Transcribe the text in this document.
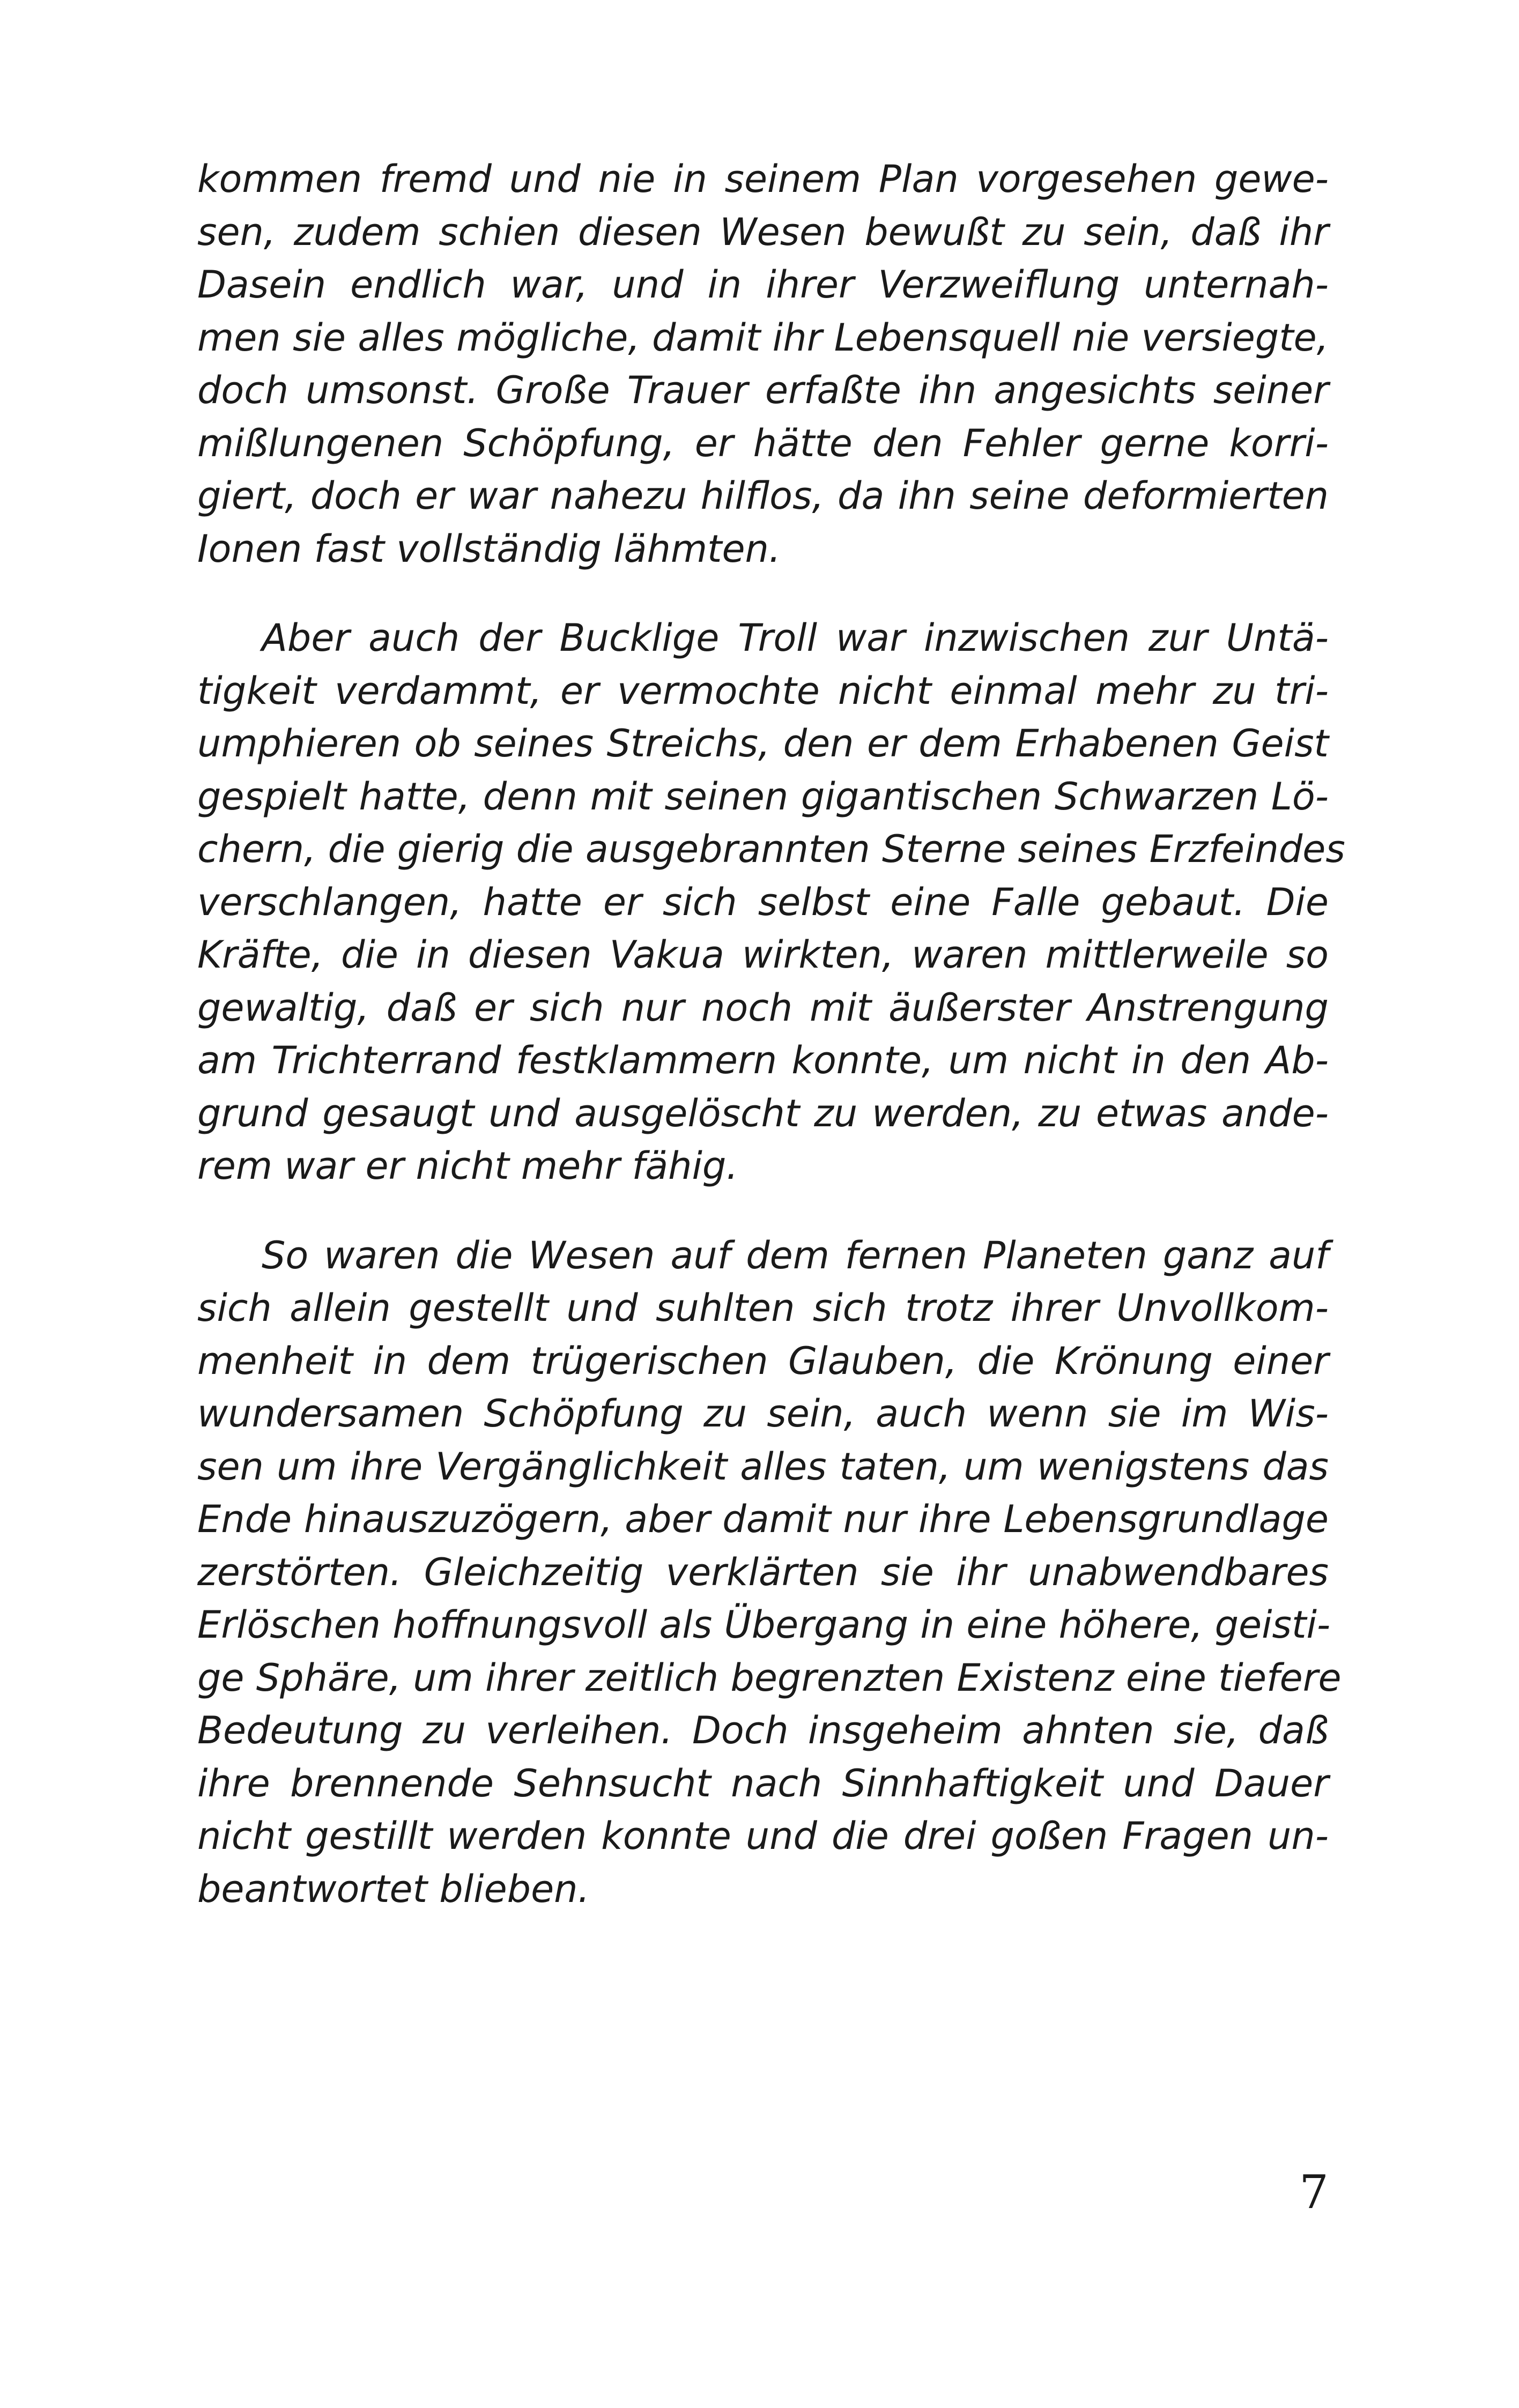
kommen fremd und nie in seinem Plan vorgesehen gewe-
sen, zudem schien diesen Wesen bewußt zu sein, daß ihr
Dasein endlich war, und in ihrer Verzweiflung unternah-
men sie alles mögliche, damit ihr Lebensquell nie versiegte,
doch umsonst. Große Trauer erfaßte ihn angesichts seiner
mißlungenen Schöpfung, er hätte den Fehler gerne korri-
giert, doch er war nahezu hilflos, da ihn seine deformierten
Ionen fast vollständig lähmten.

Aber auch der Bucklige Troll war inzwischen zur Untä-
tigkeit verdammt, er vermochte nicht einmal mehr zu tri-
umphieren ob seines Streichs, den er dem Erhabenen Geist
gespielt hatte, denn mit seinen gigantischen Schwarzen Lö-
chern, die gierig die ausgebrannten Sterne seines Erzfeindes
verschlangen, hatte er sich selbst eine Falle gebaut. Die
Kräfte, die in diesen Vakua wirkten, waren mittlerweile so
gewaltig, daß er sich nur noch mit äußerster Anstrengung
am Trichterrand festklammern konnte, um nicht in den Ab-
grund gesaugt und ausgelöscht zu werden, zu etwas ande-
rem war er nicht mehr fähig.

So waren die Wesen auf dem fernen Planeten ganz auf
sich allein gestellt und suhlten sich trotz ihrer Unvollkom-
menheit in dem trügerischen Glauben, die Krönung einer
wundersamen Schöpfung zu sein, auch wenn sie im Wis-
sen um ihre Vergänglichkeit alles taten, um wenigstens das
Ende hinauszuzögern, aber damit nur ihre Lebensgrundlage
zerstörten. Gleichzeitig verklärten sie ihr unabwendbares
Erlöschen hoffnungsvoll als Übergang in eine höhere, geisti-
ge Sphäre, um ihrer zeitlich begrenzten Existenz eine tiefere
Bedeutung zu verleihen. Doch insgeheim ahnten sie, daß
ihre brennende Sehnsucht nach Sinnhaftigkeit und Dauer
nicht gestillt werden konnte und die drei goßen Fragen un-
beantwortet blieben.

7
